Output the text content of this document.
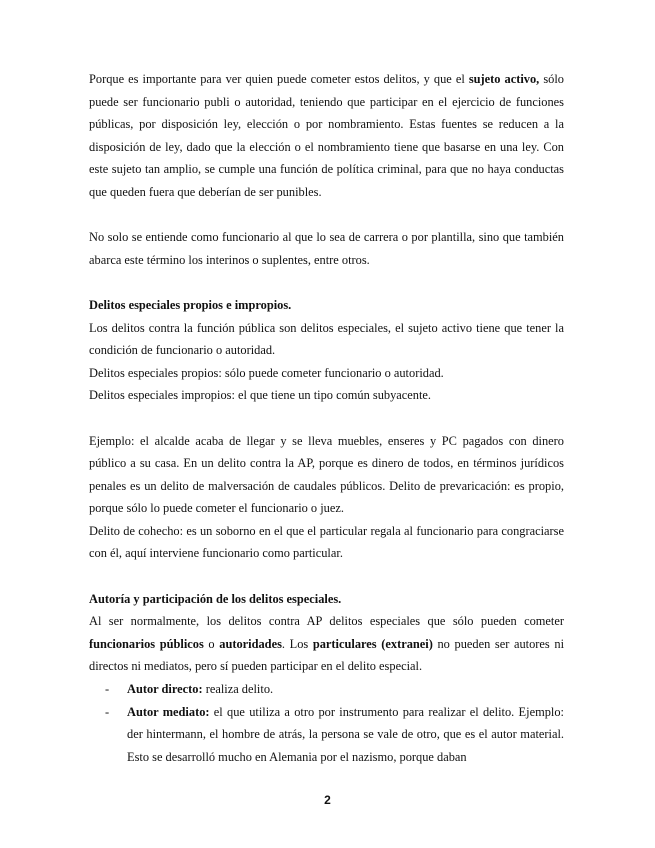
Porque es importante para ver quien puede cometer estos delitos, y que el sujeto activo, sólo puede ser funcionario publi o autoridad, teniendo que participar en el ejercicio de funciones públicas, por disposición ley, elección o por nombramiento. Estas fuentes se reducen a la disposición de ley, dado que la elección o el nombramiento tiene que basarse en una ley. Con este sujeto tan amplio, se cumple una función de política criminal, para que no haya conductas que queden fuera que deberían de ser punibles.

No solo se entiende como funcionario al que lo sea de carrera o por plantilla, sino que también abarca este término los interinos o suplentes, entre otros.

Delitos especiales propios e impropios.

Los delitos contra la función pública son delitos especiales, el sujeto activo tiene que tener la condición de funcionario o autoridad.

Delitos especiales propios: sólo puede cometer funcionario o autoridad.

Delitos especiales impropios: el que tiene un tipo común subyacente.

Ejemplo: el alcalde acaba de llegar y se lleva muebles, enseres y PC pagados con dinero público a su casa. En un delito contra la AP, porque es dinero de todos, en términos jurídicos penales es un delito de malversación de caudales públicos. Delito de prevaricación: es propio, porque sólo lo puede cometer el funcionario o juez.

Delito de cohecho: es un soborno en el que el particular regala al funcionario para congraciarse con él, aquí interviene funcionario como particular.

Autoría y participación de los delitos especiales.

Al ser normalmente, los delitos contra AP delitos especiales que sólo pueden cometer funcionarios públicos o autoridades. Los particulares (extranei) no pueden ser autores ni directos ni mediatos, pero sí pueden participar en el delito especial.

- Autor directo: realiza delito.
- Autor mediato: el que utiliza a otro por instrumento para realizar el delito. Ejemplo: der hintermann, el hombre de atrás, la persona se vale de otro, que es el autor material. Esto se desarrolló mucho en Alemania por el nazismo, porque daban
2
